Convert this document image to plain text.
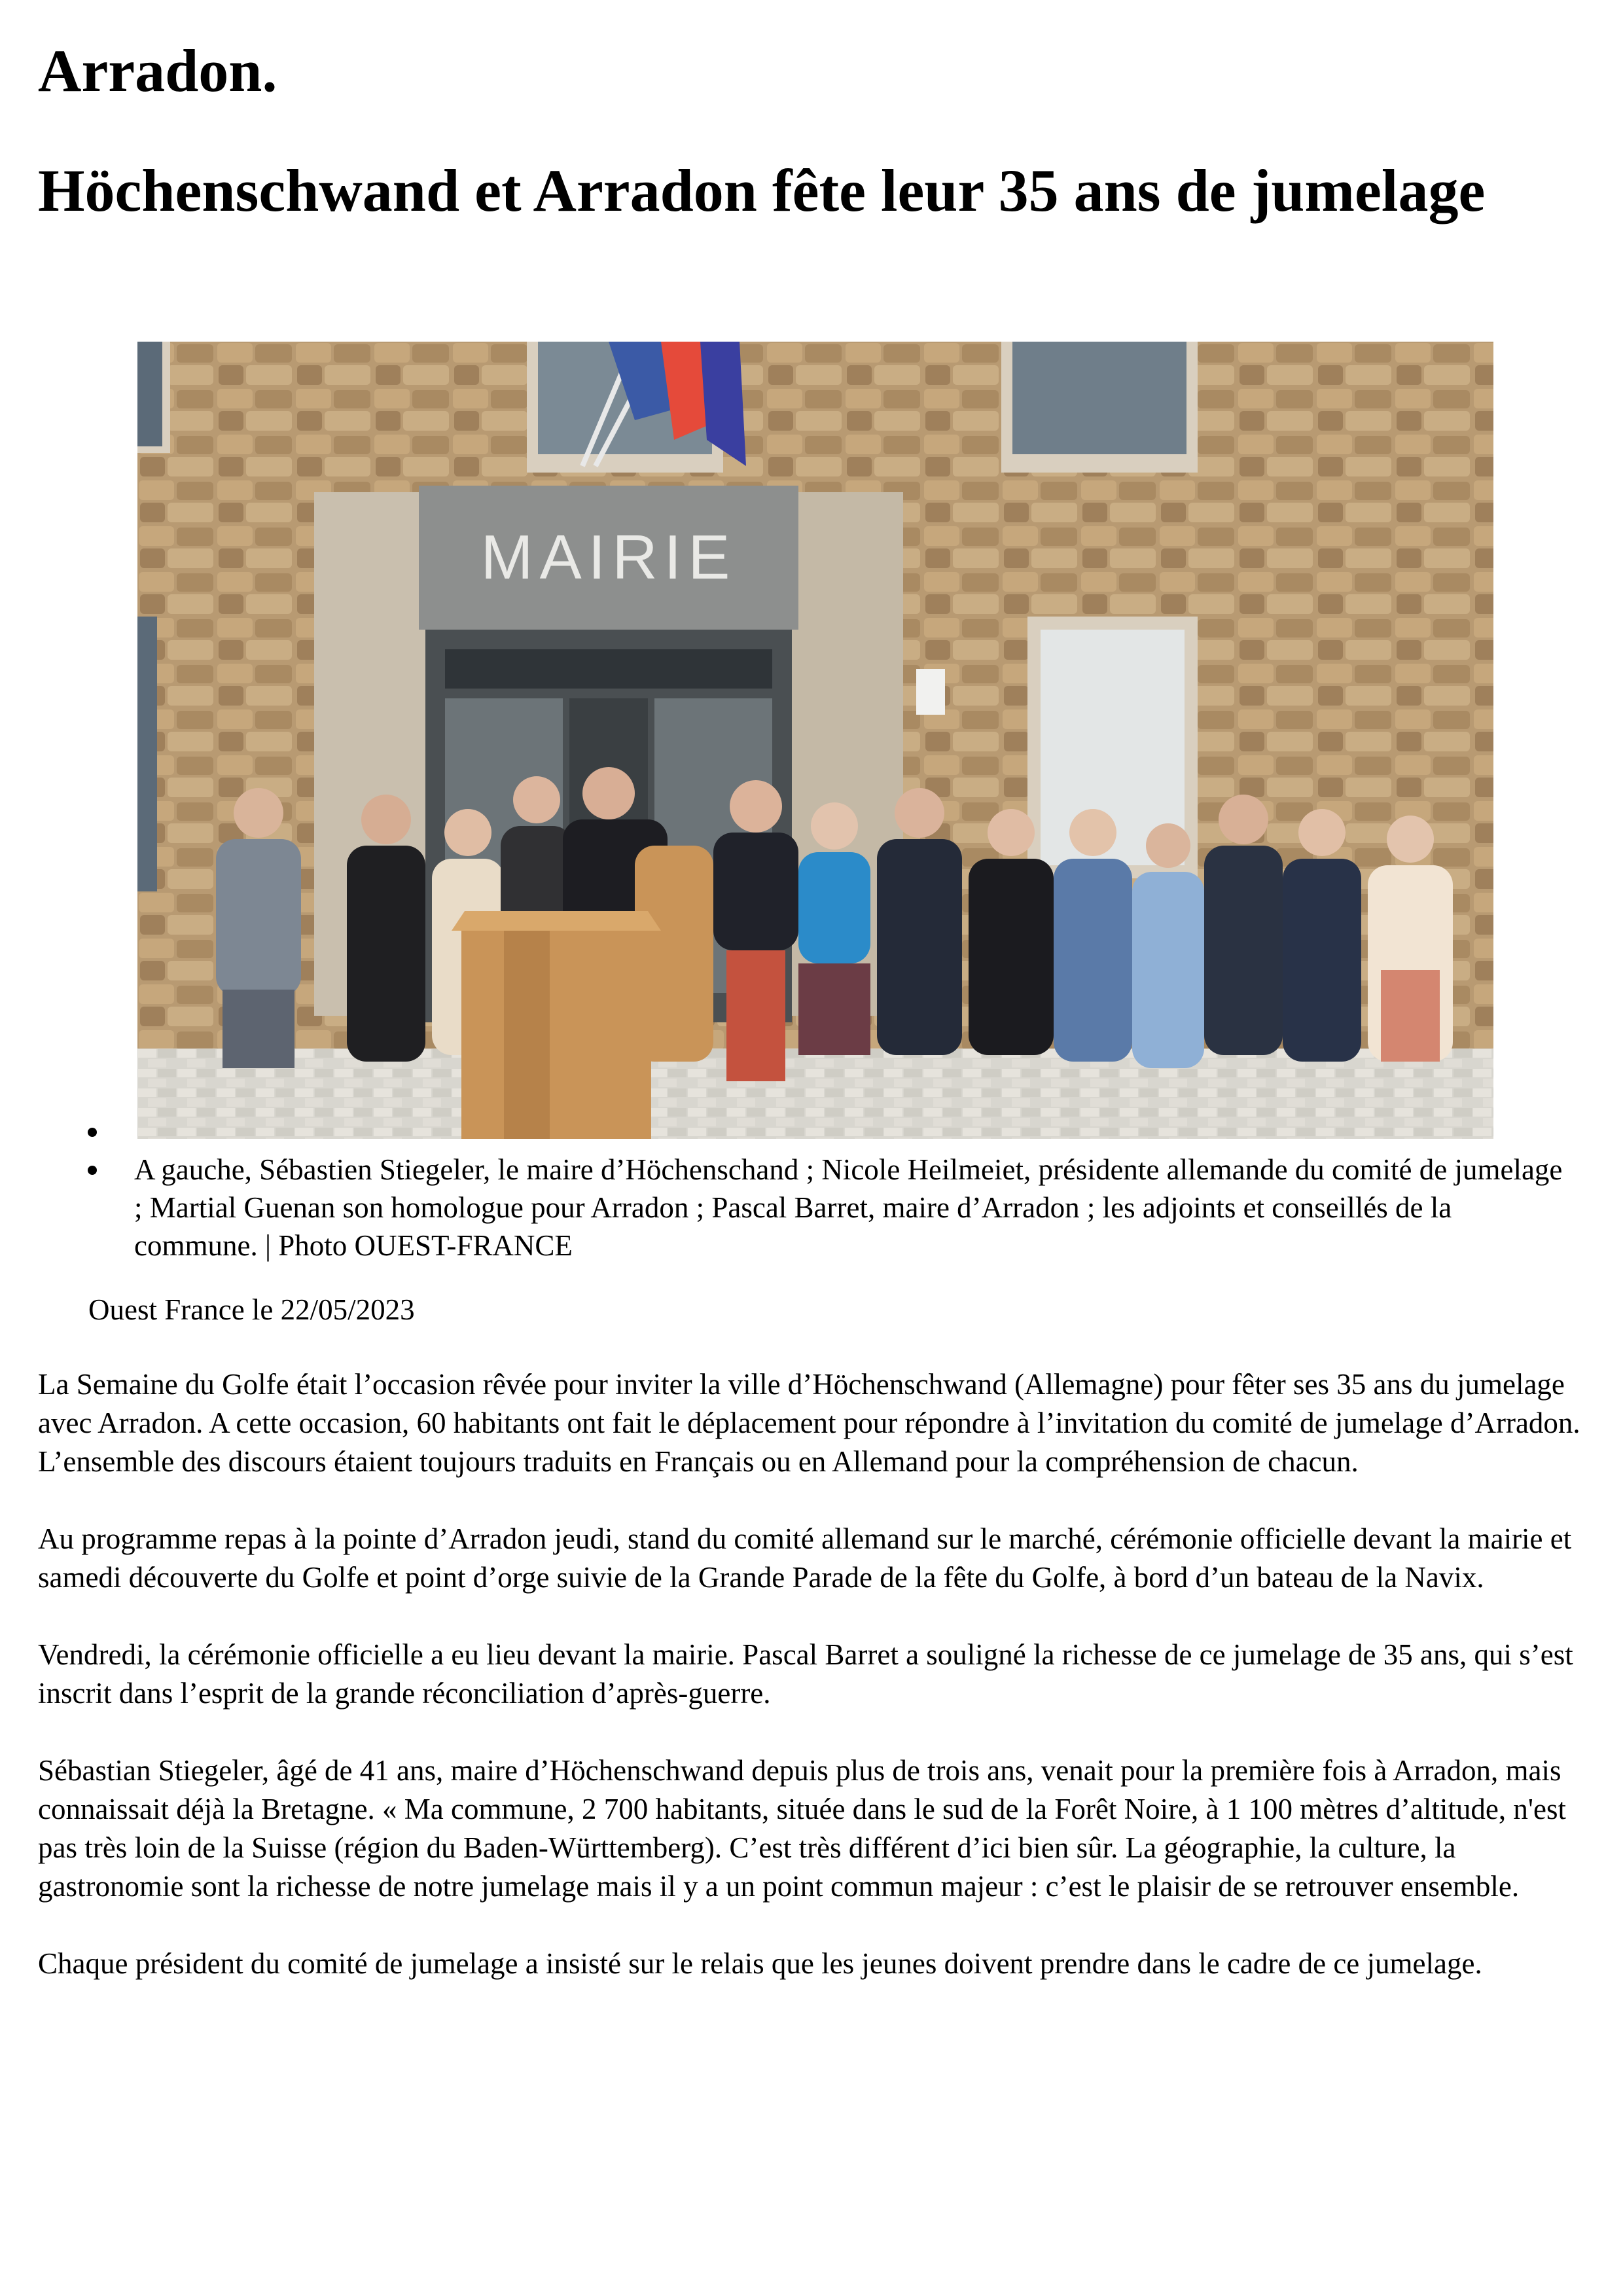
Arradon.
Höchenschwand et Arradon fête leur 35 ans de jumelage
MAIRIE
A gauche, Sébastien Stiegeler, le maire d’Höchenschand ; Nicole Heilmeiet, présidente allemande du comité de jumelage ; Martial Guenan son homologue pour Arradon ; Pascal Barret, maire d’Arradon ; les adjoints et conseillés de la commune. | Photo OUEST-FRANCE

Ouest France le 22/05/2023

La Semaine du Golfe était l’occasion rêvée pour inviter la ville d’Höchenschwand (Allemagne) pour fêter ses 35 ans du jumelage avec Arradon. A cette occasion, 60 habitants ont fait le déplacement pour répondre à l’invitation du comité de jumelage d’Arradon. L’ensemble des discours étaient toujours traduits en Français ou en Allemand pour la compréhension de chacun.

Au programme repas à la pointe d’Arradon jeudi, stand du comité allemand sur le marché, cérémonie officielle devant la mairie et samedi découverte du Golfe et point d’orge suivie de la Grande Parade de la fête du Golfe, à bord d’un bateau de la Navix.

Vendredi, la cérémonie officielle a eu lieu devant la mairie. Pascal Barret a souligné la richesse de ce jumelage de 35 ans, qui s’est inscrit dans l’esprit de la grande réconciliation d’après-guerre.

Sébastian Stiegeler, âgé de 41 ans, maire d’Höchenschwand depuis plus de trois ans, venait pour la première fois à Arradon, mais connaissait déjà la Bretagne. « Ma commune, 2 700 habitants, située dans le sud de la Forêt Noire, à 1 100 mètres d’altitude, n'est pas très loin de la Suisse (région du Baden-Württemberg). C’est très différent d’ici bien sûr. La géographie, la culture, la gastronomie sont la richesse de notre jumelage mais il y a un point commun majeur : c’est le plaisir de se retrouver ensemble.

Chaque président du comité de jumelage a insisté sur le relais que les jeunes doivent prendre dans le cadre de ce jumelage.
